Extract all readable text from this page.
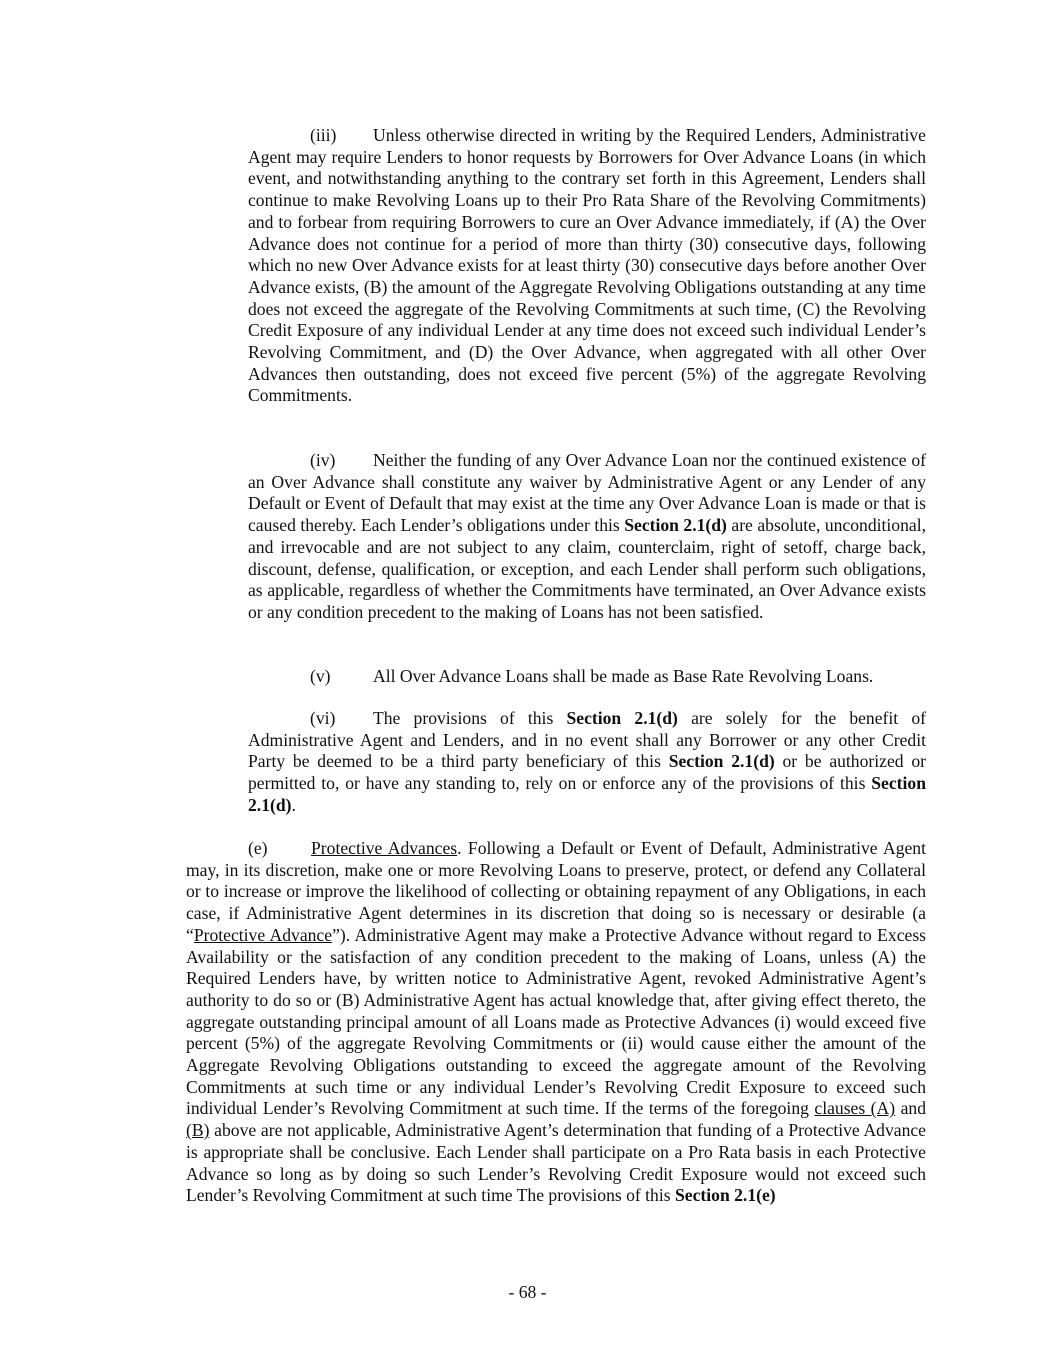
(iii) Unless otherwise directed in writing by the Required Lenders, Administrative Agent may require Lenders to honor requests by Borrowers for Over Advance Loans (in which event, and notwithstanding anything to the contrary set forth in this Agreement, Lenders shall continue to make Revolving Loans up to their Pro Rata Share of the Revolving Commitments) and to forbear from requiring Borrowers to cure an Over Advance immediately, if (A) the Over Advance does not continue for a period of more than thirty (30) consecutive days, following which no new Over Advance exists for at least thirty (30) consecutive days before another Over Advance exists, (B) the amount of the Aggregate Revolving Obligations outstanding at any time does not exceed the aggregate of the Revolving Commitments at such time, (C) the Revolving Credit Exposure of any individual Lender at any time does not exceed such individual Lender’s Revolving Commitment, and (D) the Over Advance, when aggregated with all other Over Advances then outstanding, does not exceed five percent (5%) of the aggregate Revolving Commitments.

(iv) Neither the funding of any Over Advance Loan nor the continued existence of an Over Advance shall constitute any waiver by Administrative Agent or any Lender of any Default or Event of Default that may exist at the time any Over Advance Loan is made or that is caused thereby. Each Lender’s obligations under this Section 2.1(d) are absolute, unconditional, and irrevocable and are not subject to any claim, counterclaim, right of setoff, charge back, discount, defense, qualification, or exception, and each Lender shall perform such obligations, as applicable, regardless of whether the Commitments have terminated, an Over Advance exists or any condition precedent to the making of Loans has not been satisfied.

(v) All Over Advance Loans shall be made as Base Rate Revolving Loans.

(vi) The provisions of this Section 2.1(d) are solely for the benefit of Administrative Agent and Lenders, and in no event shall any Borrower or any other Credit Party be deemed to be a third party beneficiary of this Section 2.1(d) or be authorized or permitted to, or have any standing to, rely on or enforce any of the provisions of this Section 2.1(d).

(e) Protective Advances. Following a Default or Event of Default, Administrative Agent may, in its discretion, make one or more Revolving Loans to preserve, protect, or defend any Collateral or to increase or improve the likelihood of collecting or obtaining repayment of any Obligations, in each case, if Administrative Agent determines in its discretion that doing so is necessary or desirable (a “Protective Advance”). Administrative Agent may make a Protective Advance without regard to Excess Availability or the satisfaction of any condition precedent to the making of Loans, unless (A) the Required Lenders have, by written notice to Administrative Agent, revoked Administrative Agent’s authority to do so or (B) Administrative Agent has actual knowledge that, after giving effect thereto, the aggregate outstanding principal amount of all Loans made as Protective Advances (i) would exceed five percent (5%) of the aggregate Revolving Commitments or (ii) would cause either the amount of the Aggregate Revolving Obligations outstanding to exceed the aggregate amount of the Revolving Commitments at such time or any individual Lender’s Revolving Credit Exposure to exceed such individual Lender’s Revolving Commitment at such time. If the terms of the foregoing clauses (A) and (B) above are not applicable, Administrative Agent’s determination that funding of a Protective Advance is appropriate shall be conclusive. Each Lender shall participate on a Pro Rata basis in each Protective Advance so long as by doing so such Lender’s Revolving Credit Exposure would not exceed such Lender’s Revolving Commitment at such time The provisions of this Section 2.1(e)

- 68 -
